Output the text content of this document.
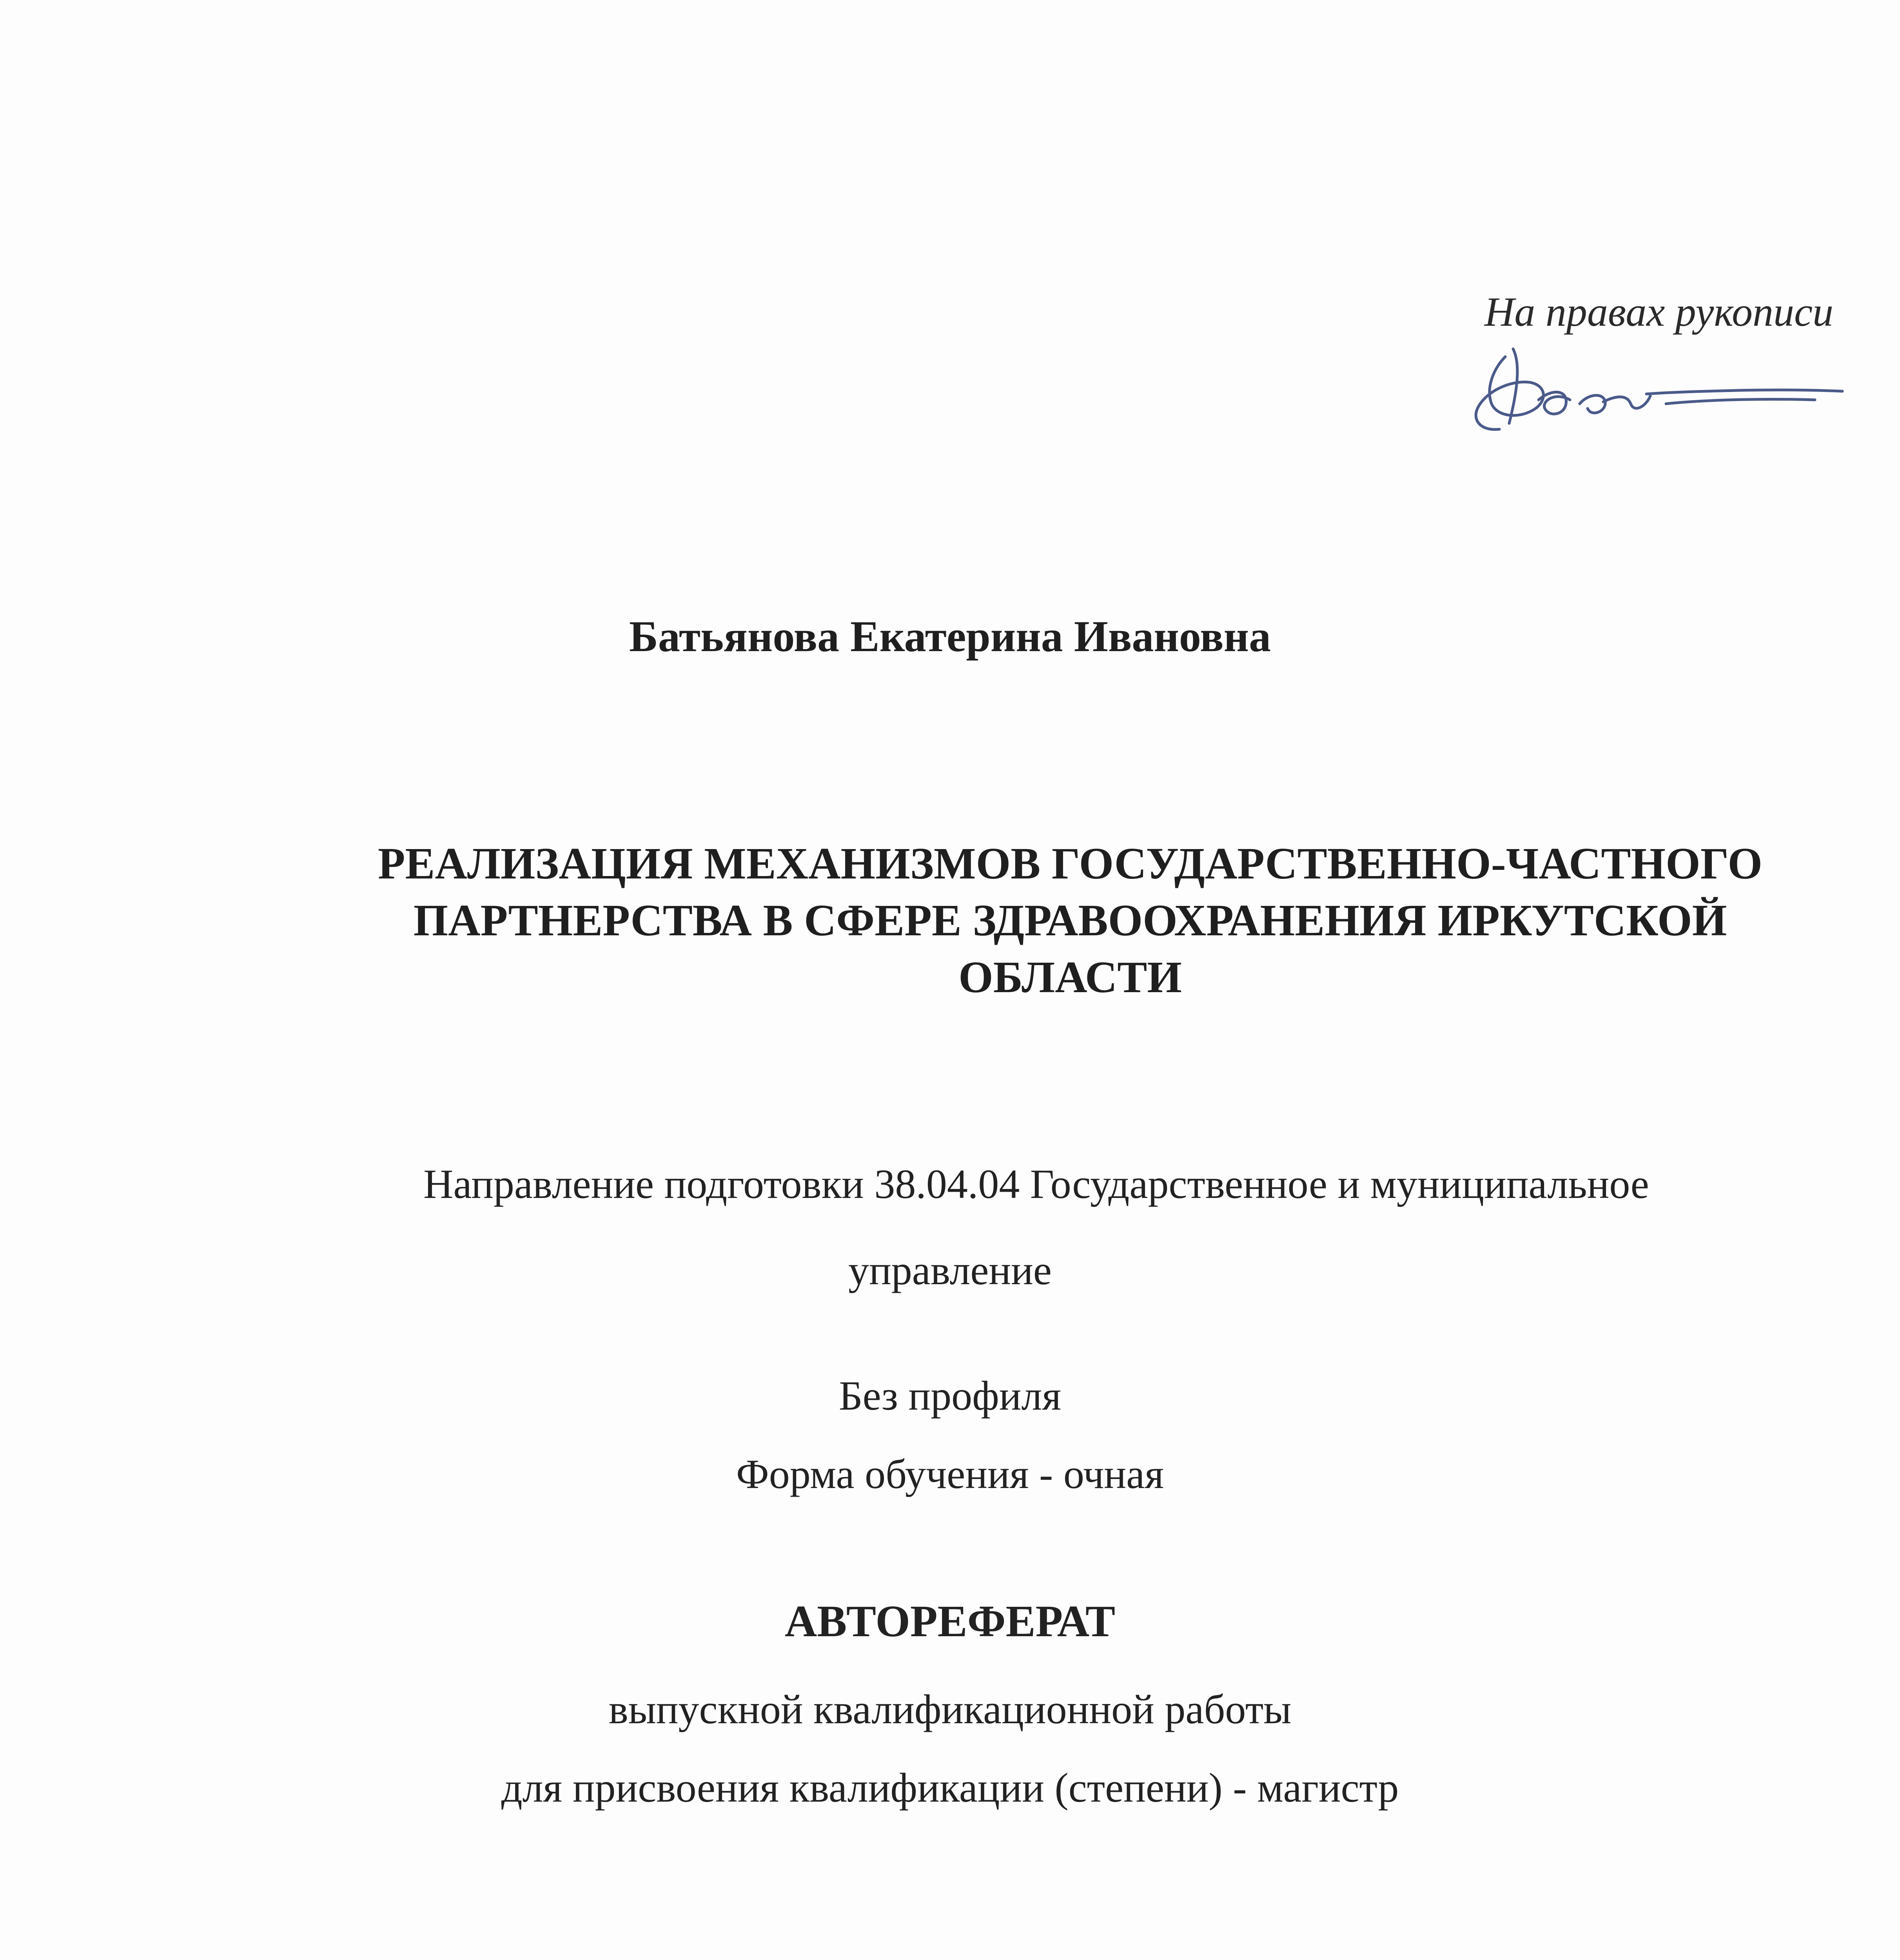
На правах рукописи
Батьянова Екатерина Ивановна
РЕАЛИЗАЦИЯ МЕХАНИЗМОВ ГОСУДАРСТВЕННО-ЧАСТНОГО
ПАРТНЕРСТВА В СФЕРЕ ЗДРАВООХРАНЕНИЯ ИРКУТСКОЙ
ОБЛАСТИ
Направление подготовки 38.04.04 Государственное и муниципальное
управление
Без профиля
Форма обучения - очная
АВТОРЕФЕРАТ
выпускной квалификационной работы
для присвоения квалификации (степени) - магистр
